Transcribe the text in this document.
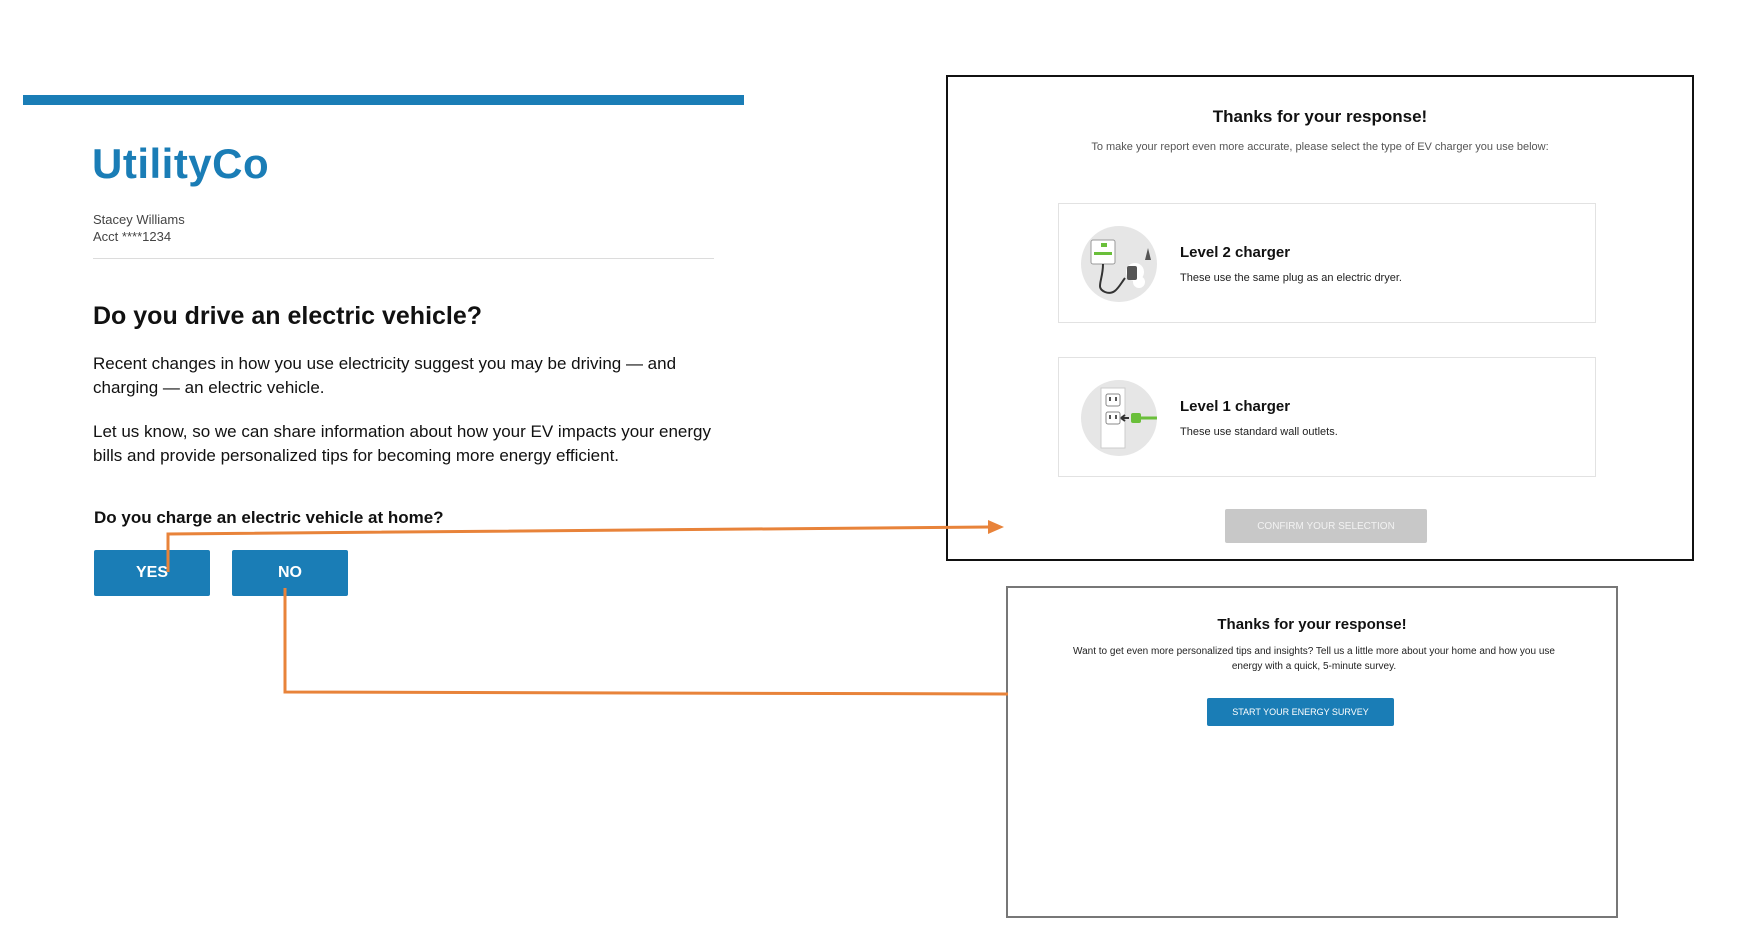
UtilityCo
Stacey Williams
Acct ****1234
Do you drive an electric vehicle?
Recent changes in how you use electricity suggest you may be driving — and charging — an electric vehicle.
Let us know, so we can share information about how your EV impacts your energy bills and provide personalized tips for becoming more energy efficient.
Do you charge an electric vehicle at home?
YES	NO
Thanks for your response!
To make your report even more accurate, please select the type of EV charger you use below:
Level 2 charger
These use the same plug as an electric dryer.
Level 1 charger
These use standard wall outlets.
CONFIRM YOUR SELECTION
Thanks for your response!
Want to get even more personalized tips and insights? Tell us a little more about your home and how you use energy with a quick, 5-minute survey.
START YOUR ENERGY SURVEY
